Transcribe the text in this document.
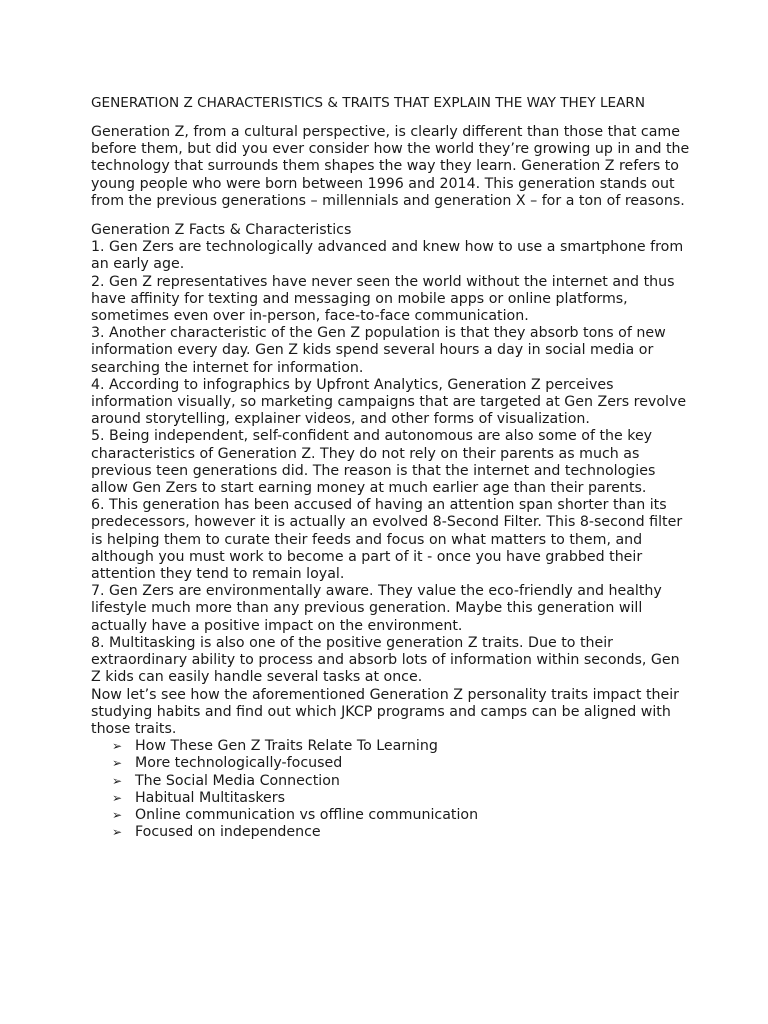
GENERATION Z CHARACTERISTICS & TRAITS THAT EXPLAIN THE WAY THEY LEARN

Generation Z, from a cultural perspective, is clearly different than those that came before them, but did you ever consider how the world they’re growing up in and the technology that surrounds them shapes the way they learn. Generation Z refers to young people who were born between 1996 and 2014. This generation stands out from the previous generations – millennials and generation X – for a ton of reasons.

Generation Z Facts & Characteristics

1. Gen Zers are technologically advanced and knew how to use a smartphone from an early age.

2. Gen Z representatives have never seen the world without the internet and thus have affinity for texting and messaging on mobile apps or online platforms, sometimes even over in-person, face-to-face communication.

3. Another characteristic of the Gen Z population is that they absorb tons of new information every day. Gen Z kids spend several hours a day in social media or searching the internet for information.

4. According to infographics by Upfront Analytics, Generation Z perceives information visually, so marketing campaigns that are targeted at Gen Zers revolve around storytelling, explainer videos, and other forms of visualization.

5. Being independent, self-confident and autonomous are also some of the key characteristics of Generation Z. They do not rely on their parents as much as previous teen generations did. The reason is that the internet and technologies allow Gen Zers to start earning money at much earlier age than their parents.

6. This generation has been accused of having an attention span shorter than its predecessors, however it is actually an evolved 8-Second Filter. This 8-second filter is helping them to curate their feeds and focus on what matters to them, and although you must work to become a part of it - once you have grabbed their attention they tend to remain loyal.

7. Gen Zers are environmentally aware. They value the eco-friendly and healthy lifestyle much more than any previous generation. Maybe this generation will actually have a positive impact on the environment.

8. Multitasking is also one of the positive generation Z traits. Due to their extraordinary ability to process and absorb lots of information within seconds, Gen Z kids can easily handle several tasks at once.

Now let’s see how the aforementioned Generation Z personality traits impact their studying habits and find out which JKCP programs and camps can be aligned with those traits.

➢ How These Gen Z Traits Relate To Learning
➢ More technologically-focused
➢ The Social Media Connection
➢ Habitual Multitaskers
➢ Online communication vs offline communication
➢ Focused on independence
